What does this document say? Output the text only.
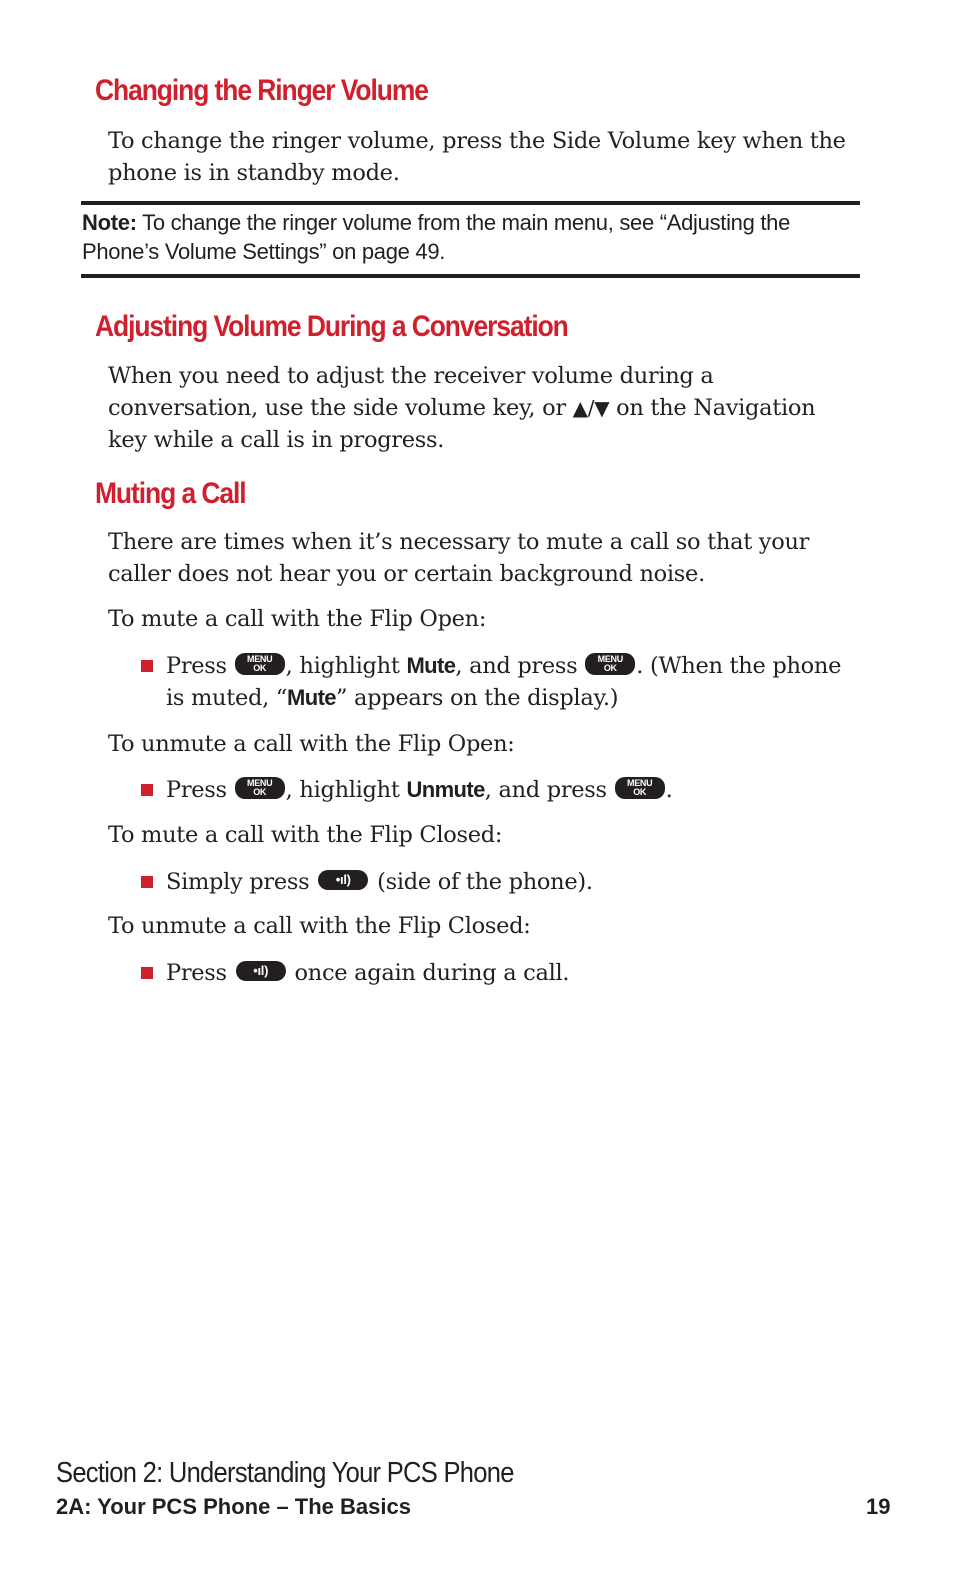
Changing the Ringer Volume
To change the ringer volume, press the Side Volume key when the phone is in standby mode.
Note: To change the ringer volume from the main menu, see “Adjusting the Phone’s Volume Settings” on page 49.
Adjusting Volume During a Conversation
When you need to adjust the receiver volume during a conversation, use the side volume key, or ▲/▼ on the Navigation key while a call is in progress.
Muting a Call
There are times when it’s necessary to mute a call so that your caller does not hear you or certain background noise.
To mute a call with the Flip Open:
Press	MENU
OK , highlight Mute, and press	MENU
OK . (When the phone is muted, “Mute” appears on the display.)
To unmute a call with the Flip Open:
Press	MENU
OK , highlight Unmute, and press	MENU
OK .
To mute a call with the Flip Closed:
Simply press •ıl) (side of the phone).
To unmute a call with the Flip Closed:
Press •ıl) once again during a call.
Section 2: Understanding Your PCS Phone
2A: Your PCS Phone – The Basics	19
